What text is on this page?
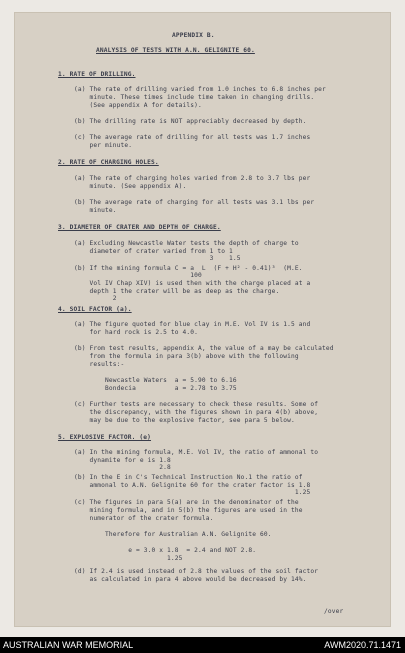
APPENDIX B.
ANALYSIS OF TESTS WITH A.N. GELIGNITE 60.
1. RATE OF DRILLING.
(a) The rate of drilling varied from 1.0 inches to 6.8 inches per
minute. These times include time taken in changing drills.
(See appendix A for details).
(b) The drilling rate is NOT appreciably decreased by depth.
(c) The average rate of drilling for all tests was 1.7 inches
per minute.
2. RATE OF CHARGING HOLES.
(a) The rate of charging holes varied from 2.8 to 3.7 lbs per
minute. (See appendix A).
(b) The average rate of charging for all tests was 3.1 lbs per
minute.
3. DIAMETER OF CRATER AND DEPTH OF CHARGE.
(a) Excluding Newcastle Water tests the depth of charge to
diameter of crater varied from 1 to 1
3    1.5
(b) If the mining formula C = a  L  (F + H² - 0.41)³  (M.E.
100
Vol IV Chap XIV) is used then with the charge placed at a
depth 1 the crater will be as deep as the charge.
2
4. SOIL FACTOR (a).
(a) The figure quoted for blue clay in M.E. Vol IV is 1.5 and
for hard rock is 2.5 to 4.0.
(b) From test results, appendix A, the value of a may be calculated
from the formula in para 3(b) above with the following
results:-
Newcastle Waters  a = 5.90 to 6.16
Bondecia          a = 2.78 to 3.75
(c) Further tests are necessary to check these results. Some of
the discrepancy, with the figures shown in para 4(b) above,
may be due to the explosive factor, see para 5 below.
5. EXPLOSIVE FACTOR. (e)
(a) In the mining formula, M.E. Vol IV, the ratio of ammonal to
dynamite for e is 1.8
2.8
(b) In the E in C's Technical Instruction No.1 the ratio of
ammonal to A.N. Gelignite 60 for the crater factor is 1.8
1.25
(c) The figures in para 5(a) are in the denominator of the
mining formula, and in 5(b) the figures are used in the
numerator of the crater formula.
Therefore for Australian A.N. Gelignite 60.
e = 3.0 x 1.8  = 2.4 and NOT 2.8.
1.25
(d) If 2.4 is used instead of 2.8 the values of the soil factor
as calculated in para 4 above would be decreased by 14%.
/over
AUSTRALIAN WAR MEMORIAL	AWM2020.71.1471
